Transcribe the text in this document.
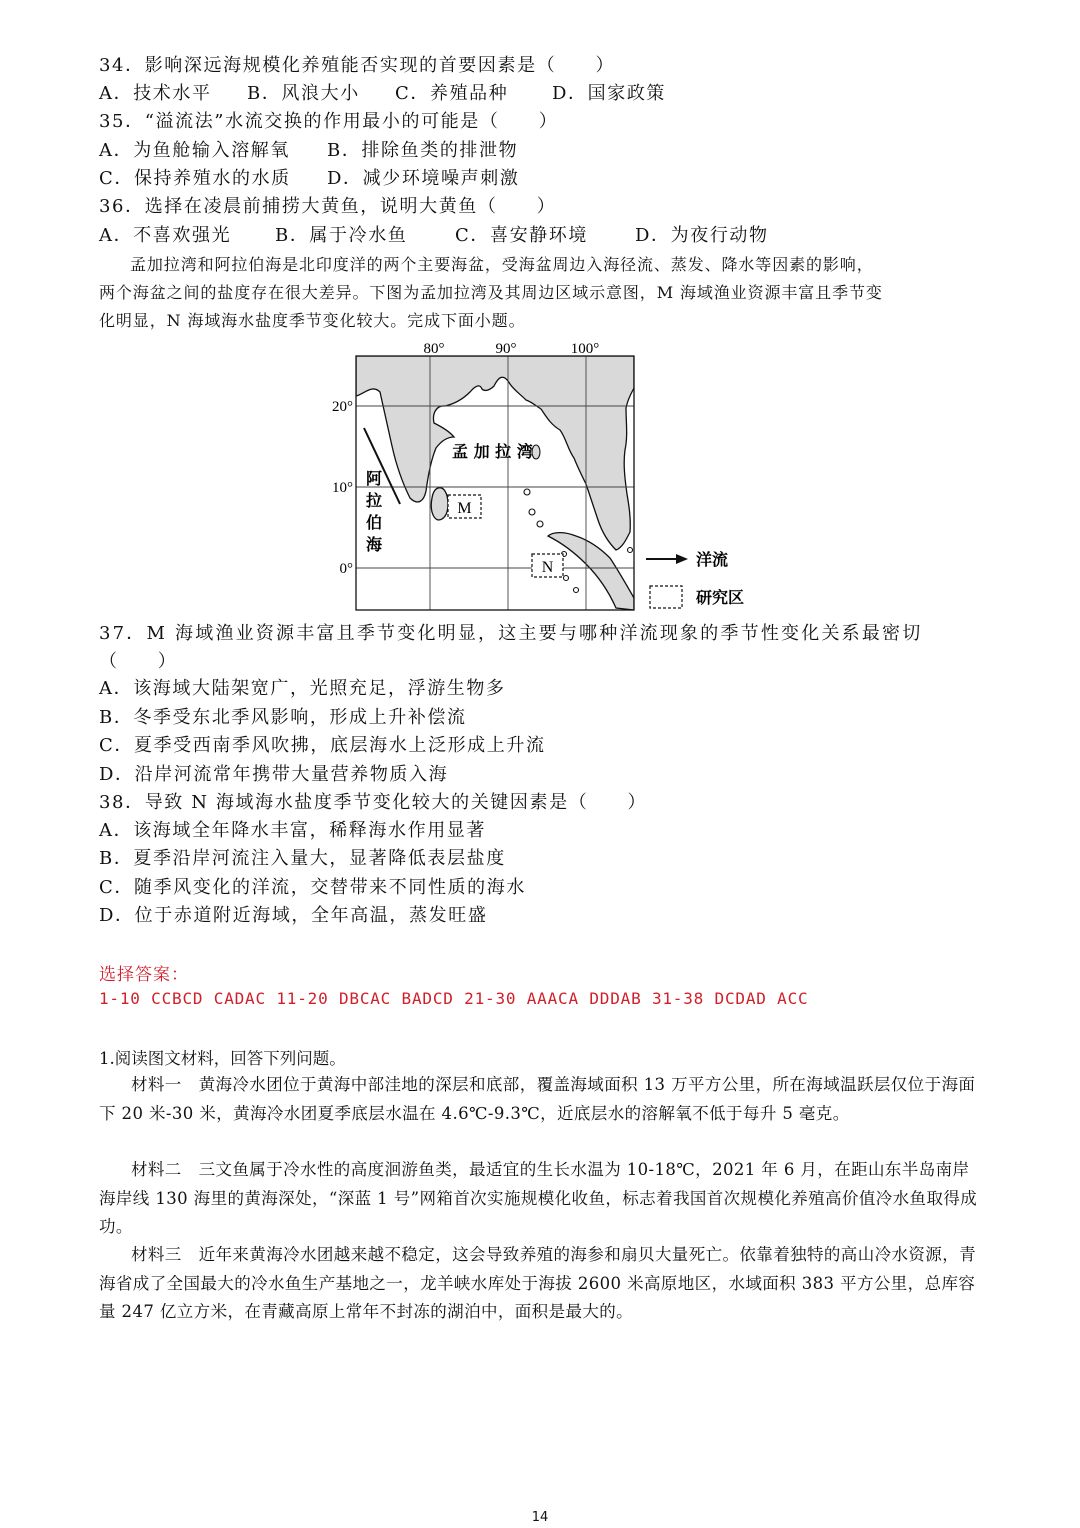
34．影响深远海规模化养殖能否实现的首要因素是（　　）
A．技术水平 B．风浪大小 C．养殖品种 D．国家政策
35．“溢流法”水流交换的作用最小的可能是（　　）
A．为鱼舱输入溶解氧 B．排除鱼类的排泄物
C．保持养殖水的水质 D．减少环境噪声刺激
36．选择在凌晨前捕捞大黄鱼，说明大黄鱼（　　）
A．不喜欢强光 B．属于冷水鱼	C．喜安静环境	D．为夜行动物
孟加拉湾和阿拉伯海是北印度洋的两个主要海盆，受海盆周边入海径流、蒸发、降水等因素的影响，
两个海盆之间的盐度存在很大差异。下图为孟加拉湾及其周边区域示意图，M 海域渔业资源丰富且季节变
化明显，N 海域海水盐度季节变化较大。完成下面小题。
80°	90°	100°
20°
10°
0°
孟 加 拉 湾
阿
拉
伯
海
M
N	洋流
研究区
37．M 海域渔业资源丰富且季节变化明显，这主要与哪种洋流现象的季节性变化关系最密切
（　　）
A．该海域大陆架宽广，光照充足，浮游生物多
B．冬季受东北季风影响，形成上升补偿流
C．夏季受西南季风吹拂，底层海水上泛形成上升流
D．沿岸河流常年携带大量营养物质入海
38．导致 N 海域海水盐度季节变化较大的关键因素是（　　）
A．该海域全年降水丰富，稀释海水作用显著
B．夏季沿岸河流注入量大，显著降低表层盐度
C．随季风变化的洋流，交替带来不同性质的海水
D．位于赤道附近海域，全年高温，蒸发旺盛
选择答案：
1-10 CCBCD CADAC 11-20 DBCAC BADCD 21-30 AAACA DDDAB 31-38 DCDAD ACC
1.阅读图文材料，回答下列问题。
材料一　黄海冷水团位于黄海中部洼地的深层和底部，覆盖海域面积 13 万平方公里，所在海域温跃层仅位于海面下 20 米-30 米，黄海冷水团夏季底层水温在 4.6℃-9.3℃，近底层水的溶解氧不低于每升 5 毫克。
材料二　三文鱼属于冷水性的高度洄游鱼类，最适宜的生长水温为 10-18℃，2021 年 6 月，在距山东半岛南岸海岸线 130 海里的黄海深处，“深蓝 1 号”网箱首次实施规模化收鱼，标志着我国首次规模化养殖高价值冷水鱼取得成功。
材料三　近年来黄海冷水团越来越不稳定，这会导致养殖的海参和扇贝大量死亡。依靠着独特的高山冷水资源，青海省成了全国最大的冷水鱼生产基地之一，龙羊峡水库处于海拔 2600 米高原地区，水域面积 383 平方公里，总库容量 247 亿立方米，在青藏高原上常年不封冻的湖泊中，面积是最大的。
14
